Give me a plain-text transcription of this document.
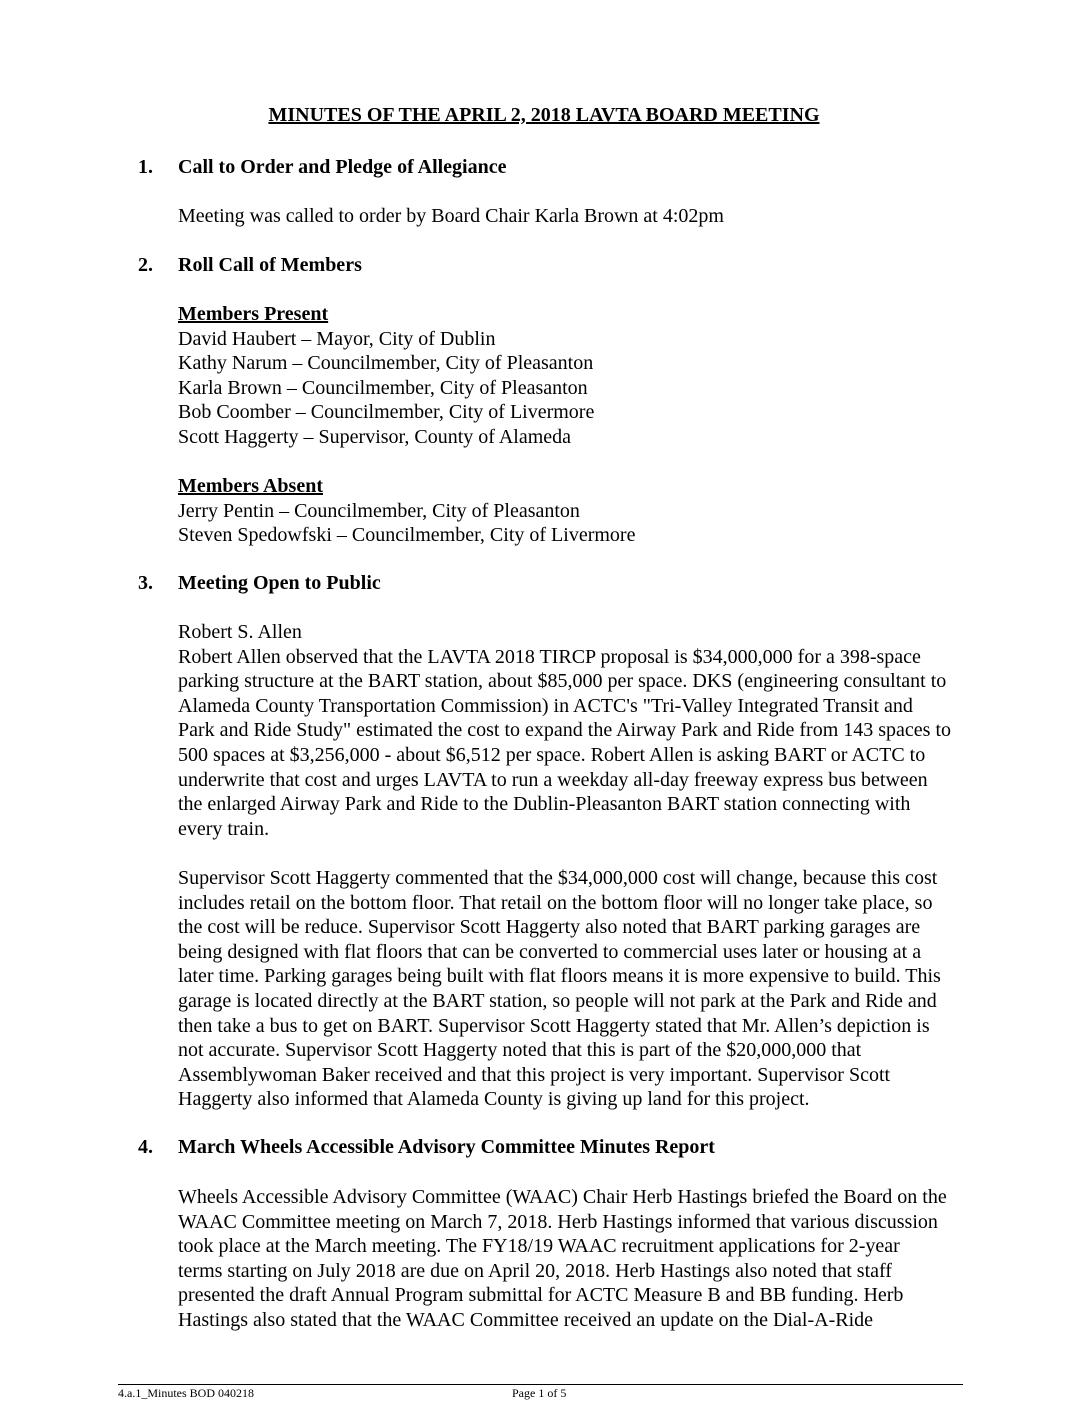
MINUTES OF THE APRIL 2, 2018 LAVTA BOARD MEETING
1. Call to Order and Pledge of Allegiance
Meeting was called to order by Board Chair Karla Brown at 4:02pm
2. Roll Call of Members
Members Present
David Haubert – Mayor, City of Dublin
Kathy Narum – Councilmember, City of Pleasanton
Karla Brown – Councilmember, City of Pleasanton
Bob Coomber – Councilmember, City of Livermore
Scott Haggerty – Supervisor, County of Alameda
Members Absent
Jerry Pentin – Councilmember, City of Pleasanton
Steven Spedowfski – Councilmember, City of Livermore
3. Meeting Open to Public
Robert S. Allen
Robert Allen observed that the LAVTA 2018 TIRCP proposal is $34,000,000 for a 398-space
parking structure at the BART station, about $85,000 per space. DKS (engineering consultant to
Alameda County Transportation Commission) in ACTC's "Tri-Valley Integrated Transit and
Park and Ride Study" estimated the cost to expand the Airway Park and Ride from 143 spaces to
500 spaces at $3,256,000 - about $6,512 per space. Robert Allen is asking BART or ACTC to
underwrite that cost and urges LAVTA to run a weekday all-day freeway express bus between
the enlarged Airway Park and Ride to the Dublin-Pleasanton BART station connecting with
every train.
Supervisor Scott Haggerty commented that the $34,000,000 cost will change, because this cost
includes retail on the bottom floor. That retail on the bottom floor will no longer take place, so
the cost will be reduce. Supervisor Scott Haggerty also noted that BART parking garages are
being designed with flat floors that can be converted to commercial uses later or housing at a
later time. Parking garages being built with flat floors means it is more expensive to build. This
garage is located directly at the BART station, so people will not park at the Park and Ride and
then take a bus to get on BART. Supervisor Scott Haggerty stated that Mr. Allen’s depiction is
not accurate. Supervisor Scott Haggerty noted that this is part of the $20,000,000 that
Assemblywoman Baker received and that this project is very important. Supervisor Scott
Haggerty also informed that Alameda County is giving up land for this project.
4. March Wheels Accessible Advisory Committee Minutes Report
Wheels Accessible Advisory Committee (WAAC) Chair Herb Hastings briefed the Board on the
WAAC Committee meeting on March 7, 2018. Herb Hastings informed that various discussion
took place at the March meeting. The FY18/19 WAAC recruitment applications for 2-year
terms starting on July 2018 are due on April 20, 2018. Herb Hastings also noted that staff
presented the draft Annual Program submittal for ACTC Measure B and BB funding. Herb
Hastings also stated that the WAAC Committee received an update on the Dial-A-Ride
4.a.1_Minutes BOD 040218	Page 1 of 5
